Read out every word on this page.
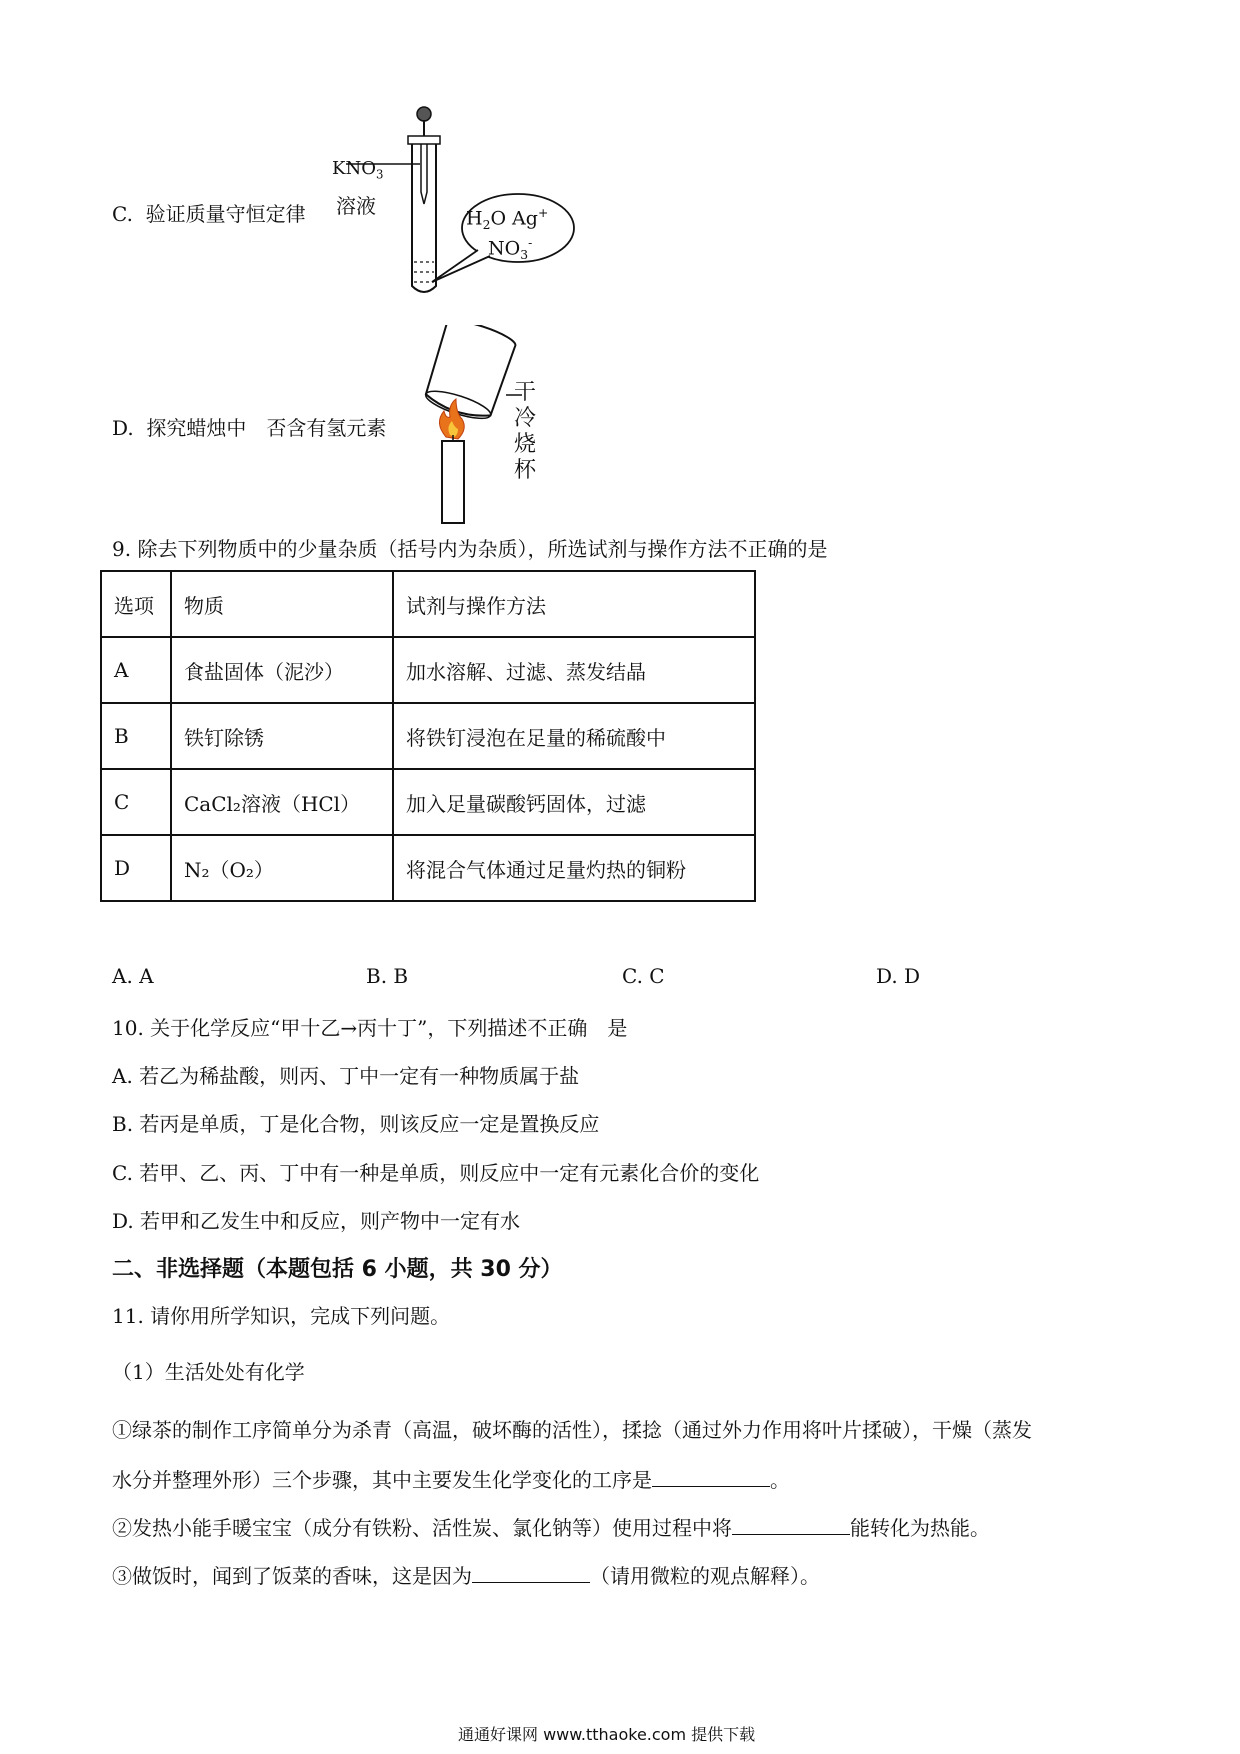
C. 验证质量守恒定律
$KNO_3$
溶液
$H_2O$ Ag+
$NO_3^-$
D. 探究蜡烛中　否含有氢元素
干
冷
烧
杯
9. 除去下列物质中的少量杂质（括号内为杂质），所选试剂与操作方法不正确的是
选项	物质	试剂与操作方法
A	食盐固体（泥沙）	加水溶解、过滤、蒸发结晶
B	铁钉除锈	将铁钉浸泡在足量的稀硫酸中
C	CaCl₂溶液（HCl）	加入足量碳酸钙固体，过滤
D	N₂（O₂）	将混合气体通过足量灼热的铜粉
A. A	B. B	C. C	D. D
10. 关于化学反应“甲十乙→丙十丁”，下列描述不正确　是
A. 若乙为稀盐酸，则丙、丁中一定有一种物质属于盐
B. 若丙是单质，丁是化合物，则该反应一定是置换反应
C. 若甲、乙、丙、丁中有一种是单质，则反应中一定有元素化合价的变化
D. 若甲和乙发生中和反应，则产物中一定有水
二、非选择题（本题包括 6 小题，共 30 分）
11. 请你用所学知识，完成下列问题。
（1）生活处处有化学
①绿茶的制作工序简单分为杀青（高温，破坏酶的活性），揉捻（通过外力作用将叶片揉破），干燥（蒸发
水分并整理外形）三个步骤，其中主要发生化学变化的工序是	。
②发热小能手暖宝宝（成分有铁粉、活性炭、氯化钠等）使用过程中将	能转化为热能。
③做饭时，闻到了饭菜的香味，这是因为	（请用微粒的观点解释）。
通通好课网 www.tthaoke.com 提供下载
